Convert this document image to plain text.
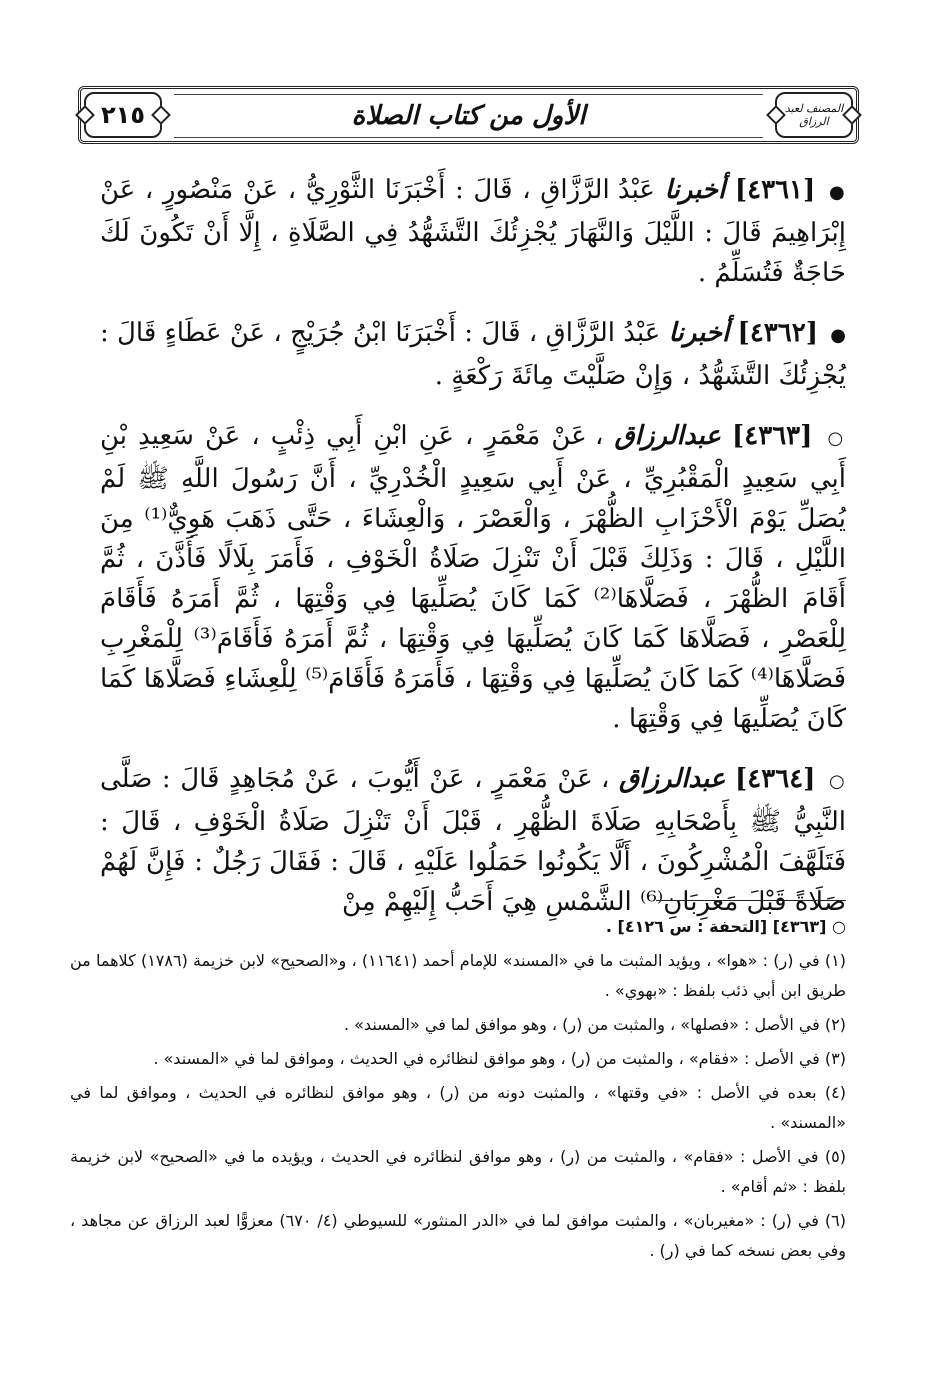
المصنف لعبد الرزاق
الأول من كتاب الصلاة
٢١٥

● [٤٣٦١] أخبرنا عَبْدُ الرَّزَّاقِ ، قَالَ : أَخْبَرَنَا الثَّوْرِيُّ ، عَنْ مَنْصُورٍ ، عَنْ إِبْرَاهِيمَ قَالَ : اللَّيْلَ وَالنَّهَارَ يُجْزِئُكَ التَّشَهُّدُ فِي الصَّلَاةِ ، إِلَّا أَنْ تَكُونَ لَكَ حَاجَةٌ فَتُسَلِّمُ .

● [٤٣٦٢] أخبرنا عَبْدُ الرَّزَّاقِ ، قَالَ : أَخْبَرَنَا ابْنُ جُرَيْجٍ ، عَنْ عَطَاءٍ قَالَ : يُجْزِئُكَ التَّشَهُّدُ ، وَإِنْ صَلَّيْتَ مِائَةَ رَكْعَةٍ .

○ [٤٣٦٣] عبدالرزاق ، عَنْ مَعْمَرٍ ، عَنِ ابْنِ أَبِي ذِئْبٍ ، عَنْ سَعِيدِ بْنِ أَبِي سَعِيدٍ الْمَقْبُرِيِّ ، عَنْ أَبِي سَعِيدٍ الْخُدْرِيِّ ، أَنَّ رَسُولَ اللَّهِ ﷺ لَمْ يُصَلِّ يَوْمَ الْأَحْزَابِ الظُّهْرَ ، وَالْعَصْرَ ، وَالْعِشَاءَ ، حَتَّى ذَهَبَ هَوِيٌّ⁽¹⁾ مِنَ اللَّيْلِ ، قَالَ : وَذَلِكَ قَبْلَ أَنْ تَنْزِلَ صَلَاةُ الْخَوْفِ ، فَأَمَرَ بِلَالًا فَأَذَّنَ ، ثُمَّ أَقَامَ الظُّهْرَ ، فَصَلَّاهَا⁽²⁾ كَمَا كَانَ يُصَلِّيهَا فِي وَقْتِهَا ، ثُمَّ أَمَرَهُ فَأَقَامَ لِلْعَصْرِ ، فَصَلَّاهَا كَمَا كَانَ يُصَلِّيهَا فِي وَقْتِهَا ، ثُمَّ أَمَرَهُ فَأَقَامَ⁽³⁾ لِلْمَغْرِبِ فَصَلَّاهَا⁽⁴⁾ كَمَا كَانَ يُصَلِّيهَا فِي وَقْتِهَا ، فَأَمَرَهُ فَأَقَامَ⁽⁵⁾ لِلْعِشَاءِ فَصَلَّاهَا كَمَا كَانَ يُصَلِّيهَا فِي وَقْتِهَا .

○ [٤٣٦٤] عبدالرزاق ، عَنْ مَعْمَرٍ ، عَنْ أَيُّوبَ ، عَنْ مُجَاهِدٍ قَالَ : صَلَّى النَّبِيُّ ﷺ بِأَصْحَابِهِ صَلَاةَ الظُّهْرِ ، قَبْلَ أَنْ تَنْزِلَ صَلَاةُ الْخَوْفِ ، قَالَ : فَتَلَهَّفَ الْمُشْرِكُونَ ، أَلَّا يَكُونُوا حَمَلُوا عَلَيْهِ ، قَالَ : فَقَالَ رَجُلٌ : فَإِنَّ لَهُمْ صَلَاةً قَبْلَ مَغْرِبَانِ⁽⁶⁾ الشَّمْسِ هِيَ أَحَبُّ إِلَيْهِمْ مِنْ

○ [٤٣٦٣] [التحفة : س ٤١٢٦] .

(١) في (ر) : «هوا» ، ويؤيد المثبت ما في «المسند» للإمام أحمد (١١٦٤١) ، و«الصحيح» لابن خزيمة (١٧٨٦) كلاهما من طريق ابن أبي ذئب بلفظ : «بهوي» .

(٢) في الأصل : «فصلها» ، والمثبت من (ر) ، وهو موافق لما في «المسند» .

(٣) في الأصل : «فقام» ، والمثبت من (ر) ، وهو موافق لنظائره في الحديث ، وموافق لما في «المسند» .

(٤) بعده في الأصل : «في وقتها» ، والمثبت دونه من (ر) ، وهو موافق لنظائره في الحديث ، وموافق لما في «المسند» .

(٥) في الأصل : «فقام» ، والمثبت من (ر) ، وهو موافق لنظائره في الحديث ، ويؤيده ما في «الصحيح» لابن خزيمة بلفظ : «ثم أقام» .

(٦) في (ر) : «مغيربان» ، والمثبت موافق لما في «الدر المنثور» للسيوطي (٤/ ٦٧٠) معزوًّا لعبد الرزاق عن مجاهد ، وفي بعض نسخه كما في (ر) .
